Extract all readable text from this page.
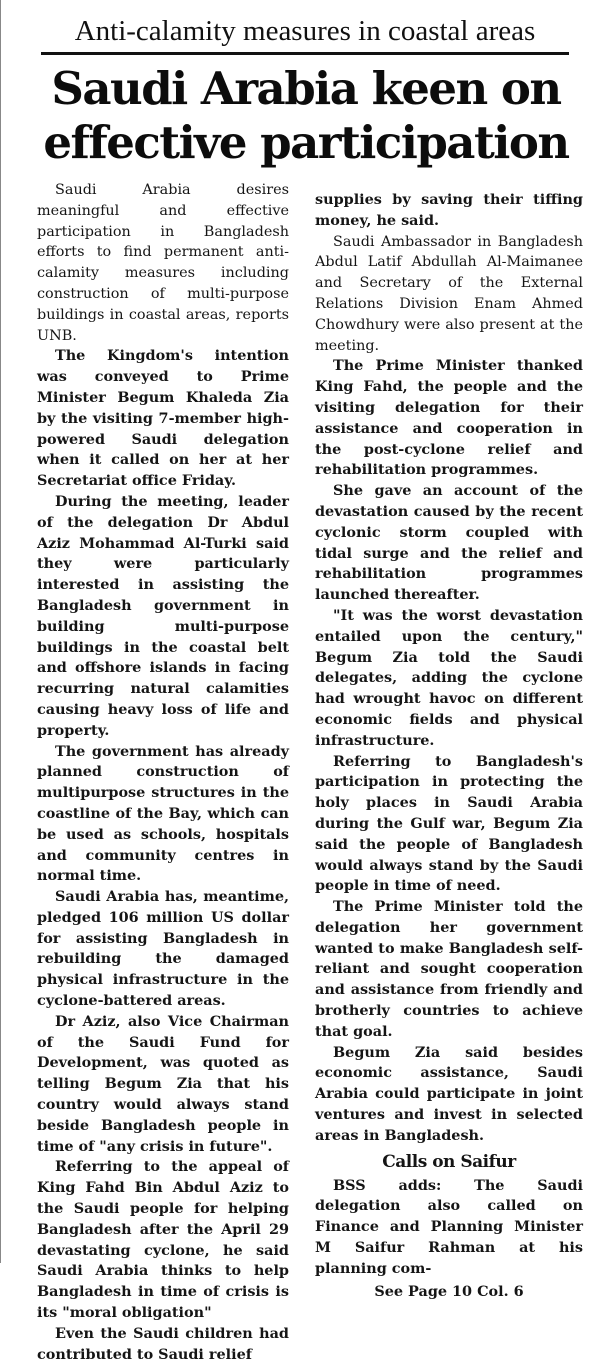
Anti-calamity measures in coastal areas
Saudi Arabia keen on
effective participation

Saudi Arabia desires meaningful and effective participation in Bangladesh efforts to find permanent anti-calamity measures including construction of multi-purpose buildings in coastal areas, reports UNB.

The Kingdom's intention was conveyed to Prime Minister Begum Khaleda Zia by the visiting 7-member high-powered Saudi delegation when it called on her at her Secretariat office Friday.

During the meeting, leader of the delegation Dr Abdul Aziz Mohammad Al-Turki said they were particularly interested in assisting the Bangladesh government in building multi-purpose buildings in the coastal belt and offshore islands in facing recurring natural calamities causing heavy loss of life and property.

The government has already planned construction of multipurpose structures in the coastline of the Bay, which can be used as schools, hospitals and community centres in normal time.

Saudi Arabia has, meantime, pledged 106 million US dollar for assisting Bangladesh in rebuilding the damaged physical infrastructure in the cyclone-battered areas.

Dr Aziz, also Vice Chairman of the Saudi Fund for Development, was quoted as telling Begum Zia that his country would always stand beside Bangladesh people in time of "any crisis in future".

Referring to the appeal of King Fahd Bin Abdul Aziz to the Saudi people for helping Bangladesh after the April 29 devastating cyclone, he said Saudi Arabia thinks to help Bangladesh in time of crisis is its "moral obligation"

Even the Saudi children had contributed to Saudi relief

supplies by saving their tiffing money, he said.

Saudi Ambassador in Bangladesh Abdul Latif Abdullah Al-Maimanee and Secretary of the External Relations Division Enam Ahmed Chowdhury were also present at the meeting.

The Prime Minister thanked King Fahd, the people and the visiting delegation for their assistance and cooperation in the post-cyclone relief and rehabilitation programmes.

She gave an account of the devastation caused by the recent cyclonic storm coupled with tidal surge and the relief and rehabilitation programmes launched thereafter.

"It was the worst devastation entailed upon the century," Begum Zia told the Saudi delegates, adding the cyclone had wrought havoc on different economic fields and physical infrastructure.

Referring to Bangladesh's participation in protecting the holy places in Saudi Arabia during the Gulf war, Begum Zia said the people of Bangladesh would always stand by the Saudi people in time of need.

The Prime Minister told the delegation her government wanted to make Bangladesh self-reliant and sought cooperation and assistance from friendly and brotherly countries to achieve that goal.

Begum Zia said besides economic assistance, Saudi Arabia could participate in joint ventures and invest in selected areas in Bangladesh.

Calls on Saifur

BSS adds: The Saudi delegation also called on Finance and Planning Minister M Saifur Rahman at his planning com-

See Page 10 Col. 6
